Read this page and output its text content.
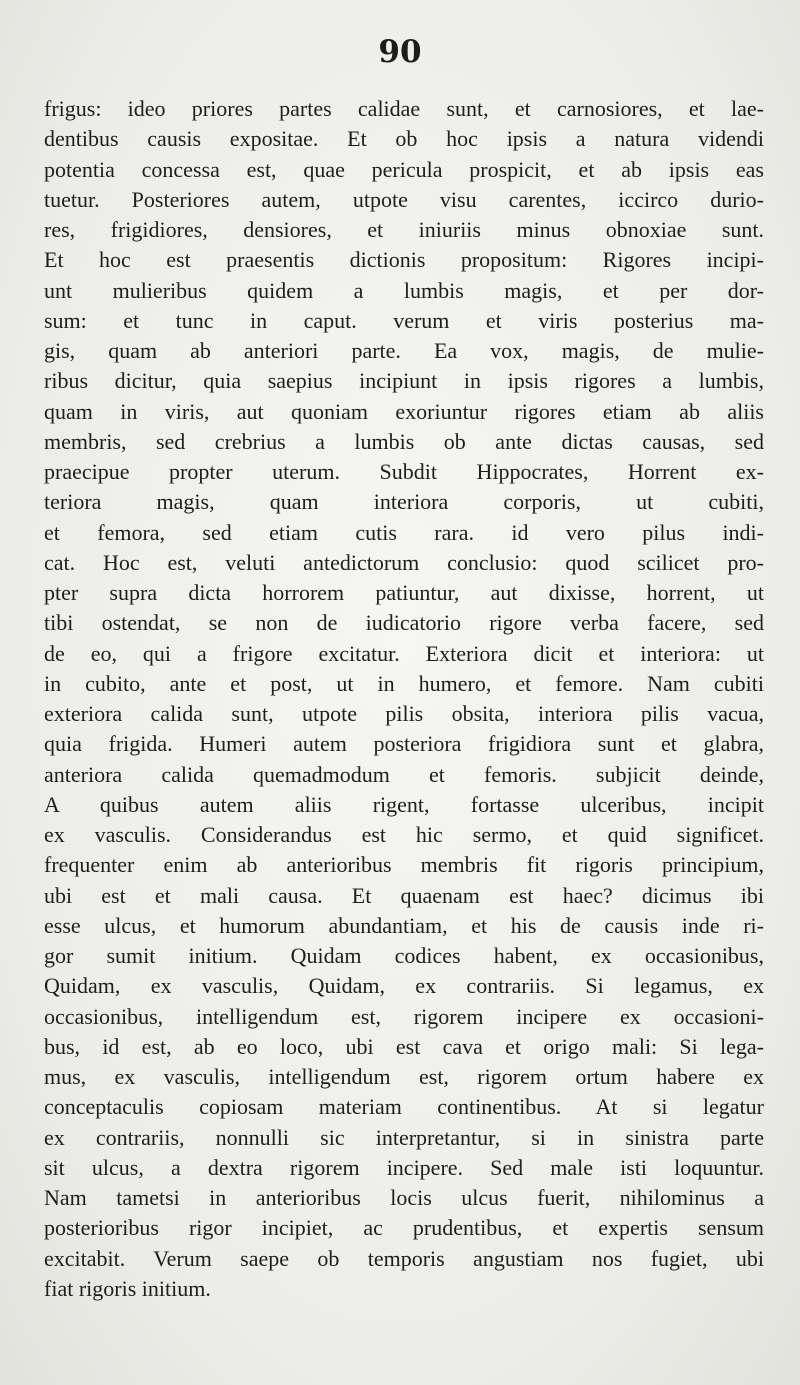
90
frigus: ideo priores partes calidae sunt, et carnosiores, et lae-
dentibus causis expositae. Et ob hoc ipsis a natura videndi
potentia concessa est, quae pericula prospicit, et ab ipsis eas
tuetur. Posteriores autem, utpote visu carentes, iccirco durio-
res, frigidiores, densiores, et iniuriis minus obnoxiae sunt.
Et hoc est praesentis dictionis propositum: Rigores incipi-
unt mulieribus quidem a lumbis magis, et per dor-
sum: et tunc in caput. verum et viris posterius ma-
gis, quam ab anteriori parte. Ea vox, magis, de mulie-
ribus dicitur, quia saepius incipiunt in ipsis rigores a lumbis,
quam in viris, aut quoniam exoriuntur rigores etiam ab aliis
membris, sed crebrius a lumbis ob ante dictas causas, sed
praecipue propter uterum. Subdit Hippocrates, Horrent ex-
teriora magis, quam interiora corporis, ut cubiti,
et femora, sed etiam cutis rara. id vero pilus indi-
cat. Hoc est, veluti antedictorum conclusio: quod scilicet pro-
pter supra dicta horrorem patiuntur, aut dixisse, horrent, ut
tibi ostendat, se non de iudicatorio rigore verba facere, sed
de eo, qui a frigore excitatur. Exteriora dicit et interiora: ut
in cubito, ante et post, ut in humero, et femore. Nam cubiti
exteriora calida sunt, utpote pilis obsita, interiora pilis vacua,
quia frigida. Humeri autem posteriora frigidiora sunt et glabra,
anteriora calida quemadmodum et femoris. subjicit deinde,
A quibus autem aliis rigent, fortasse ulceribus, incipit
ex vasculis. Considerandus est hic sermo, et quid significet.
frequenter enim ab anterioribus membris fit rigoris principium,
ubi est et mali causa. Et quaenam est haec? dicimus ibi
esse ulcus, et humorum abundantiam, et his de causis inde ri-
gor sumit initium. Quidam codices habent, ex occasionibus,
Quidam, ex vasculis, Quidam, ex contrariis. Si legamus, ex
occasionibus, intelligendum est, rigorem incipere ex occasioni-
bus, id est, ab eo loco, ubi est cava et origo mali: Si lega-
mus, ex vasculis, intelligendum est, rigorem ortum habere ex
conceptaculis copiosam materiam continentibus. At si legatur
ex contrariis, nonnulli sic interpretantur, si in sinistra parte
sit ulcus, a dextra rigorem incipere. Sed male isti loquuntur.
Nam tametsi in anterioribus locis ulcus fuerit, nihilominus a
posterioribus rigor incipiet, ac prudentibus, et expertis sensum
excitabit. Verum saepe ob temporis angustiam nos fugiet, ubi
fiat rigoris initium.
